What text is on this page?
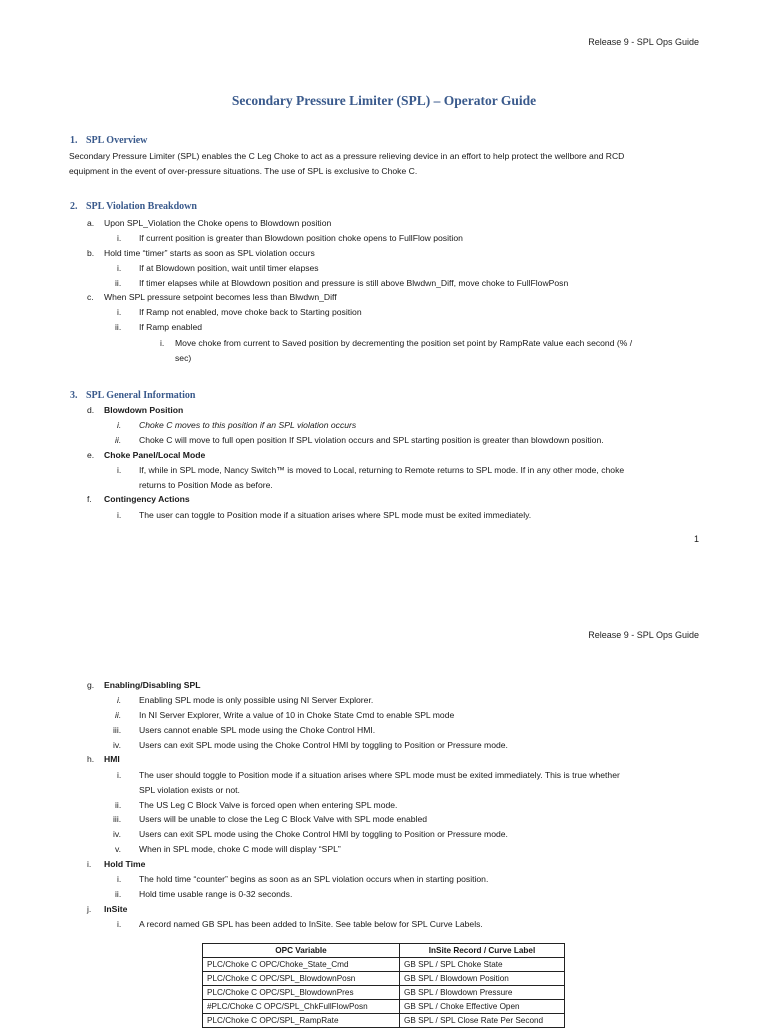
Release 9 - SPL Ops Guide
Secondary Pressure Limiter (SPL) – Operator Guide
1. SPL Overview
Secondary Pressure Limiter (SPL) enables the C Leg Choke to act as a pressure relieving device in an effort to help protect the wellbore and RCD
equipment in the event of over-pressure situations. The use of SPL is exclusive to Choke C.
2. SPL Violation Breakdown
a. Upon SPL_Violation the Choke opens to Blowdown position
i. If current position is greater than Blowdown position choke opens to FullFlow position
b. Hold time “timer” starts as soon as SPL violation occurs
i. If at Blowdown position, wait until timer elapses
ii. If timer elapses while at Blowdown position and pressure is still above Blwdwn_Diff, move choke to FullFlowPosn
c. When SPL pressure setpoint becomes less than Blwdwn_Diff
i. If Ramp not enabled, move choke back to Starting position
ii. If Ramp enabled
i. Move choke from current to Saved position by decrementing the position set point by RampRate value each second (% /
sec)
3. SPL General Information
d. Blowdown Position
i. Choke C moves to this position if an SPL violation occurs
ii. Choke C will move to full open position If SPL violation occurs and SPL starting position is greater than blowdown position.
e. Choke Panel/Local Mode
i. If, while in SPL mode, Nancy Switch™ is moved to Local, returning to Remote returns to SPL mode. If in any other mode, choke
returns to Position Mode as before.
f. Contingency Actions
i. The user can toggle to Position mode if a situation arises where SPL mode must be exited immediately.
1
Release 9 - SPL Ops Guide
g. Enabling/Disabling SPL
i. Enabling SPL mode is only possible using NI Server Explorer.
ii. In NI Server Explorer, Write a value of 10 in Choke State Cmd to enable SPL mode
iii. Users cannot enable SPL mode using the Choke Control HMI.
iv. Users can exit SPL mode using the Choke Control HMI by toggling to Position or Pressure mode.
h. HMI
i. The user should toggle to Position mode if a situation arises where SPL mode must be exited immediately. This is true whether
SPL violation exists or not.
ii. The US Leg C Block Valve is forced open when entering SPL mode.
iii. Users will be unable to close the Leg C Block Valve with SPL mode enabled
iv. Users can exit SPL mode using the Choke Control HMI by toggling to Position or Pressure mode.
v. When in SPL mode, choke C mode will display “SPL”
i. Hold Time
i. The hold time “counter” begins as soon as an SPL violation occurs when in starting position.
ii. Hold time usable range is 0-32 seconds.
j. InSite
i. A record named GB SPL has been added to InSite. See table below for SPL Curve Labels.
OPC Variable	InSite Record / Curve Label
PLC/Choke C OPC/Choke_State_Cmd	GB SPL / SPL Choke State
PLC/Choke C OPC/SPL_BlowdownPosn	GB SPL / Blowdown Position
PLC/Choke C OPC/SPL_BlowdownPres	GB SPL / Blowdown Pressure
#PLC/Choke C OPC/SPL_ChkFullFlowPosn	GB SPL / Choke Effective Open
PLC/Choke C OPC/SPL_RampRate	GB SPL / SPL Close Rate Per Second
